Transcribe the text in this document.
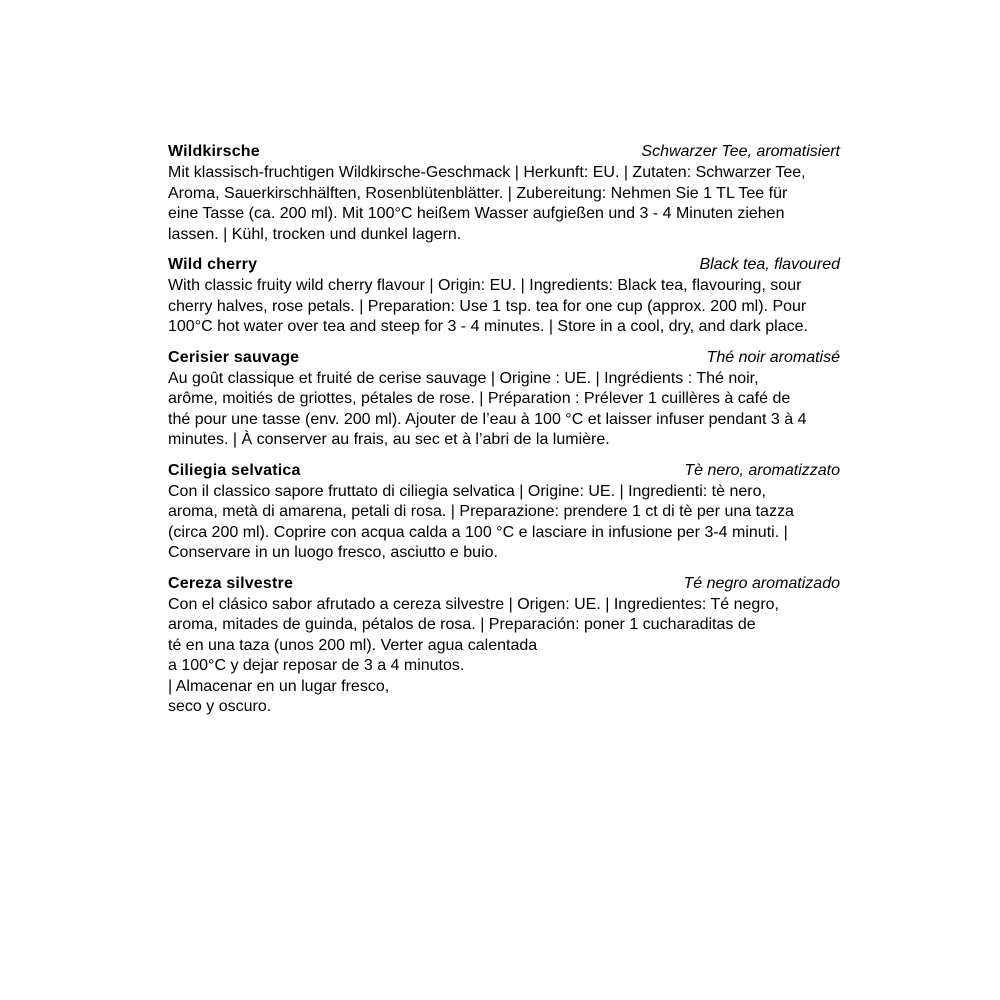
Wildkirsche	Schwarzer Tee, aromatisiert
Mit klassisch-fruchtigen Wildkirsche-Geschmack | Herkunft: EU. | Zutaten: Schwarzer Tee,
Aroma, Sauerkirschhälften, Rosenblütenblätter. | Zubereitung: Nehmen Sie 1 TL Tee für
eine Tasse (ca. 200 ml). Mit 100°C heißem Wasser aufgießen und 3 - 4 Minuten ziehen
lassen. | Kühl, trocken und dunkel lagern.
Wild cherry	Black tea, flavoured
With classic fruity wild cherry flavour | Origin: EU. | Ingredients: Black tea, flavouring, sour
cherry halves, rose petals. | Preparation: Use 1 tsp. tea for one cup (approx. 200 ml). Pour
100°C hot water over tea and steep for 3 - 4 minutes. | Store in a cool, dry, and dark place.
Cerisier sauvage	Thé noir aromatisé
Au goût classique et fruité de cerise sauvage | Origine : UE. | Ingrédients : Thé noir,
arôme, moitiés de griottes, pétales de rose. | Préparation : Prélever 1 cuillères à café de
thé pour une tasse (env. 200 ml). Ajouter de l’eau à 100 °C et laisser infuser pendant 3 à 4
minutes. | À conserver au frais, au sec et à l’abri de la lumière.
Ciliegia selvatica	Tè nero, aromatizzato
Con il classico sapore fruttato di ciliegia selvatica | Origine: UE. | Ingredienti: tè nero,
aroma, metà di amarena, petali di rosa. | Preparazione: prendere 1 ct di tè per una tazza
(circa 200 ml). Coprire con acqua calda a 100 °C e lasciare in infusione per 3-4 minuti. |
Conservare in un luogo fresco, asciutto e buio.
Cereza silvestre	Té negro aromatizado
Con el clásico sabor afrutado a cereza silvestre | Origen: UE. | Ingredientes: Té negro,
aroma, mitades de guinda, pétalos de rosa. | Preparación: poner 1 cucharaditas de
té en una taza (unos 200 ml). Verter agua calentada
a 100°C y dejar reposar de 3 a 4 minutos.
| Almacenar en un lugar fresco,
seco y oscuro.
